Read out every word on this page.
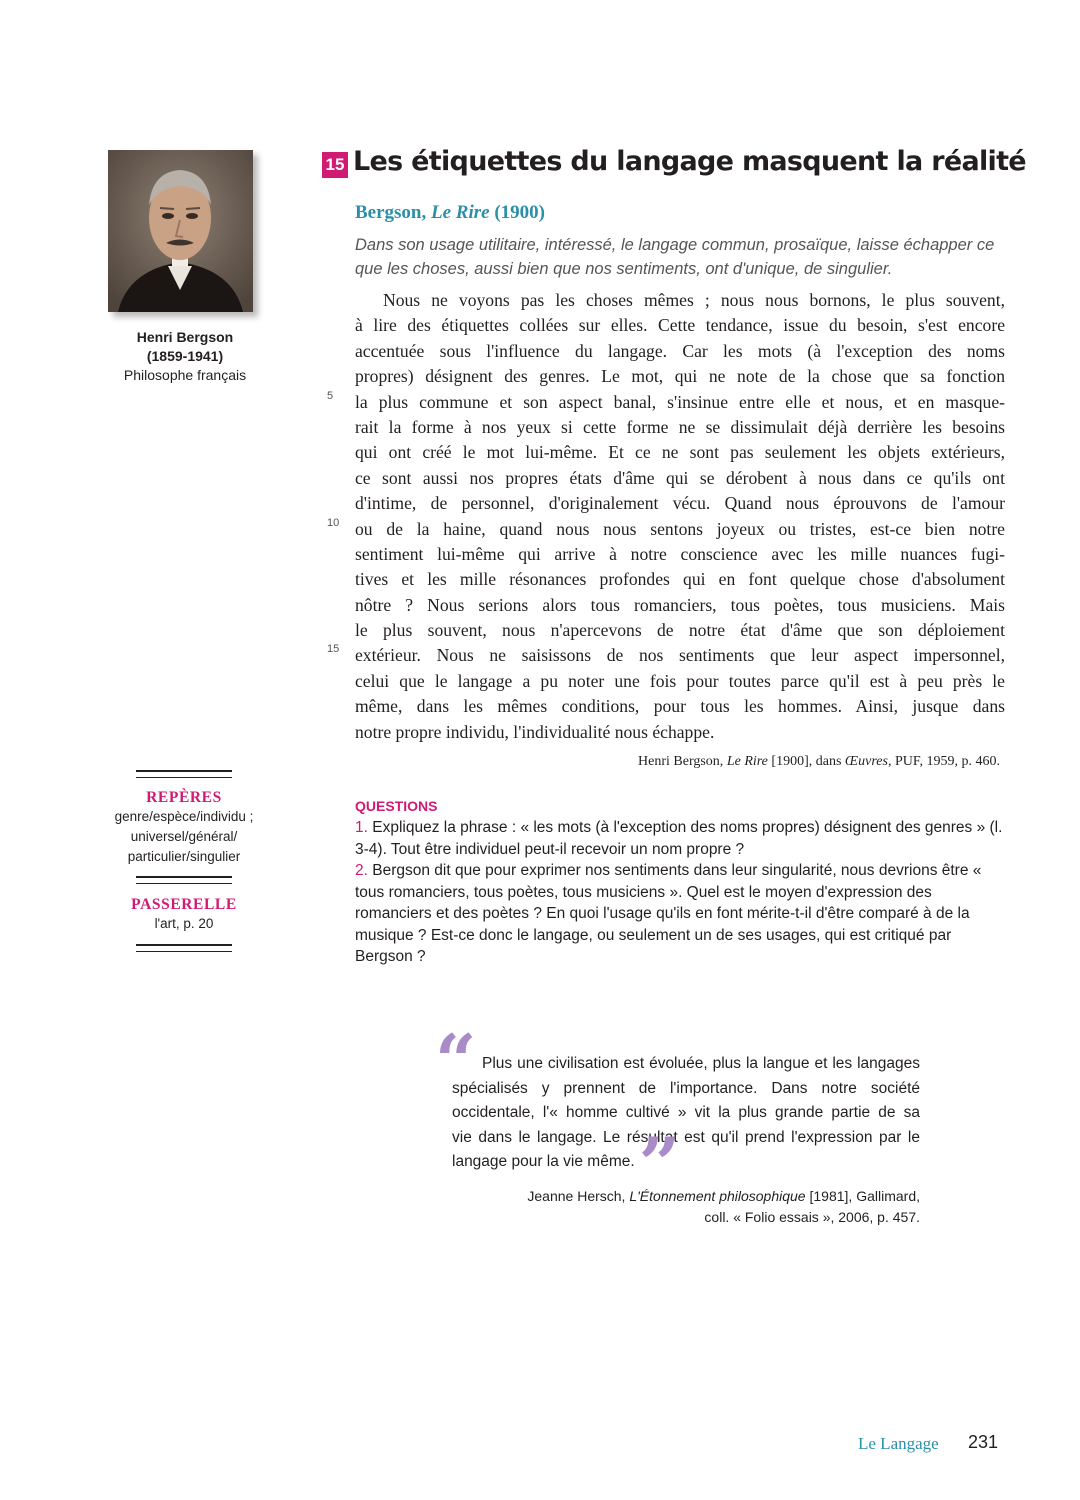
Henri Bergson
(1859-1941)
Philosophe français
REPÈRES
genre/espèce/individu ;
universel/général/
particulier/singulier
PASSERELLE
l'art, p. 20
15 Les étiquettes du langage masquent la réalité
Bergson, Le Rire (1900)
Dans son usage utilitaire, intéressé, le langage commun, prosaïque, laisse échapper ce que les choses, aussi bien que nos sentiments, ont d'unique, de singulier.
Nous ne voyons pas les choses mêmes ; nous nous bornons, le plus souvent,
à lire des étiquettes collées sur elles. Cette tendance, issue du besoin, s'est encore
accentuée sous l'influence du langage. Car les mots (à l'exception des noms
propres) désignent des genres. Le mot, qui ne note de la chose que sa fonction
5 la plus commune et son aspect banal, s'insinue entre elle et nous, et en masque-
rait la forme à nos yeux si cette forme ne se dissimulait déjà derrière les besoins
qui ont créé le mot lui-même. Et ce ne sont pas seulement les objets extérieurs,
ce sont aussi nos propres états d'âme qui se dérobent à nous dans ce qu'ils ont
d'intime, de personnel, d'originalement vécu. Quand nous éprouvons de l'amour
10 ou de la haine, quand nous nous sentons joyeux ou tristes, est-ce bien notre
sentiment lui-même qui arrive à notre conscience avec les mille nuances fugi-
tives et les mille résonances profondes qui en font quelque chose d'absolument
nôtre ? Nous serions alors tous romanciers, tous poètes, tous musiciens. Mais
le plus souvent, nous n'apercevons de notre état d'âme que son déploiement
15 extérieur. Nous ne saisissons de nos sentiments que leur aspect impersonnel,
celui que le langage a pu noter une fois pour toutes parce qu'il est à peu près le
même, dans les mêmes conditions, pour tous les hommes. Ainsi, jusque dans
notre propre individu, l'individualité nous échappe.
Henri Bergson, Le Rire [1900], dans Œuvres, PUF, 1959, p. 460.
QUESTIONS
1. Expliquez la phrase : « les mots (à l'exception des noms propres) désignent des genres » (l. 3-4). Tout être individuel peut-il recevoir un nom propre ?
2. Bergson dit que pour exprimer nos sentiments dans leur singularité, nous devrions être « tous romanciers, tous poètes, tous musiciens ». Quel est le moyen d'expression des romanciers et des poètes ? En quoi l'usage qu'ils en font mérite-t-il d'être comparé à de la musique ? Est-ce donc le langage, ou seulement un de ses usages, qui est critiqué par Bergson ?
“ Plus une civilisation est évoluée, plus la langue et les langages
spécialisés y prennent de l'importance. Dans notre société
occidentale, l'« homme cultivé » vit la plus grande partie de sa
vie dans le langage. Le résultat est qu'il prend l'expression par le
langage pour la vie même.”
Jeanne Hersch, L'Étonnement philosophique [1981], Gallimard,
coll. « Folio essais », 2006, p. 457.
Le Langage 231
